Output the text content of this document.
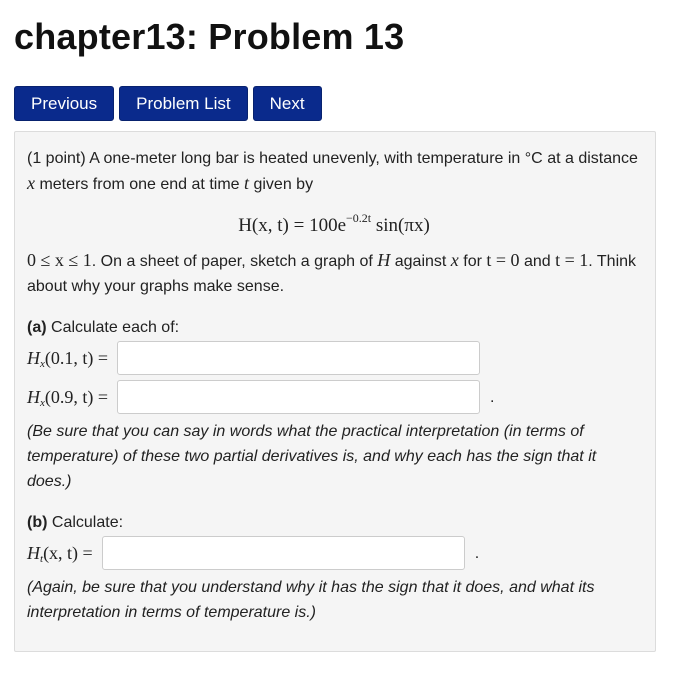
chapter13: Problem 13
Previous	Problem List	Next

(1 point) A one-meter long bar is heated unevenly, with temperature in °C at a distance x meters from one end at time t given by

H(x, $t) = 100e^{-0.2t}$ sin(πx)

0 ≤ x ≤ 1. On a sheet of paper, sketch a graph of H against x for t = 0 and t = 1. Think about why your graphs make sense.

(a) Calculate each of:

$H_x(0.1$, t) =
$H_x(0.9$, t) =	.

(Be sure that you can say in words what the practical interpretation (in terms of temperature) of these two partial derivatives is, and why each has the sign that it does.)

(b) Calculate:

$H_t(x$, t) =	.

(Again, be sure that you understand why it has the sign that it does, and what its interpretation in terms of temperature is.)
